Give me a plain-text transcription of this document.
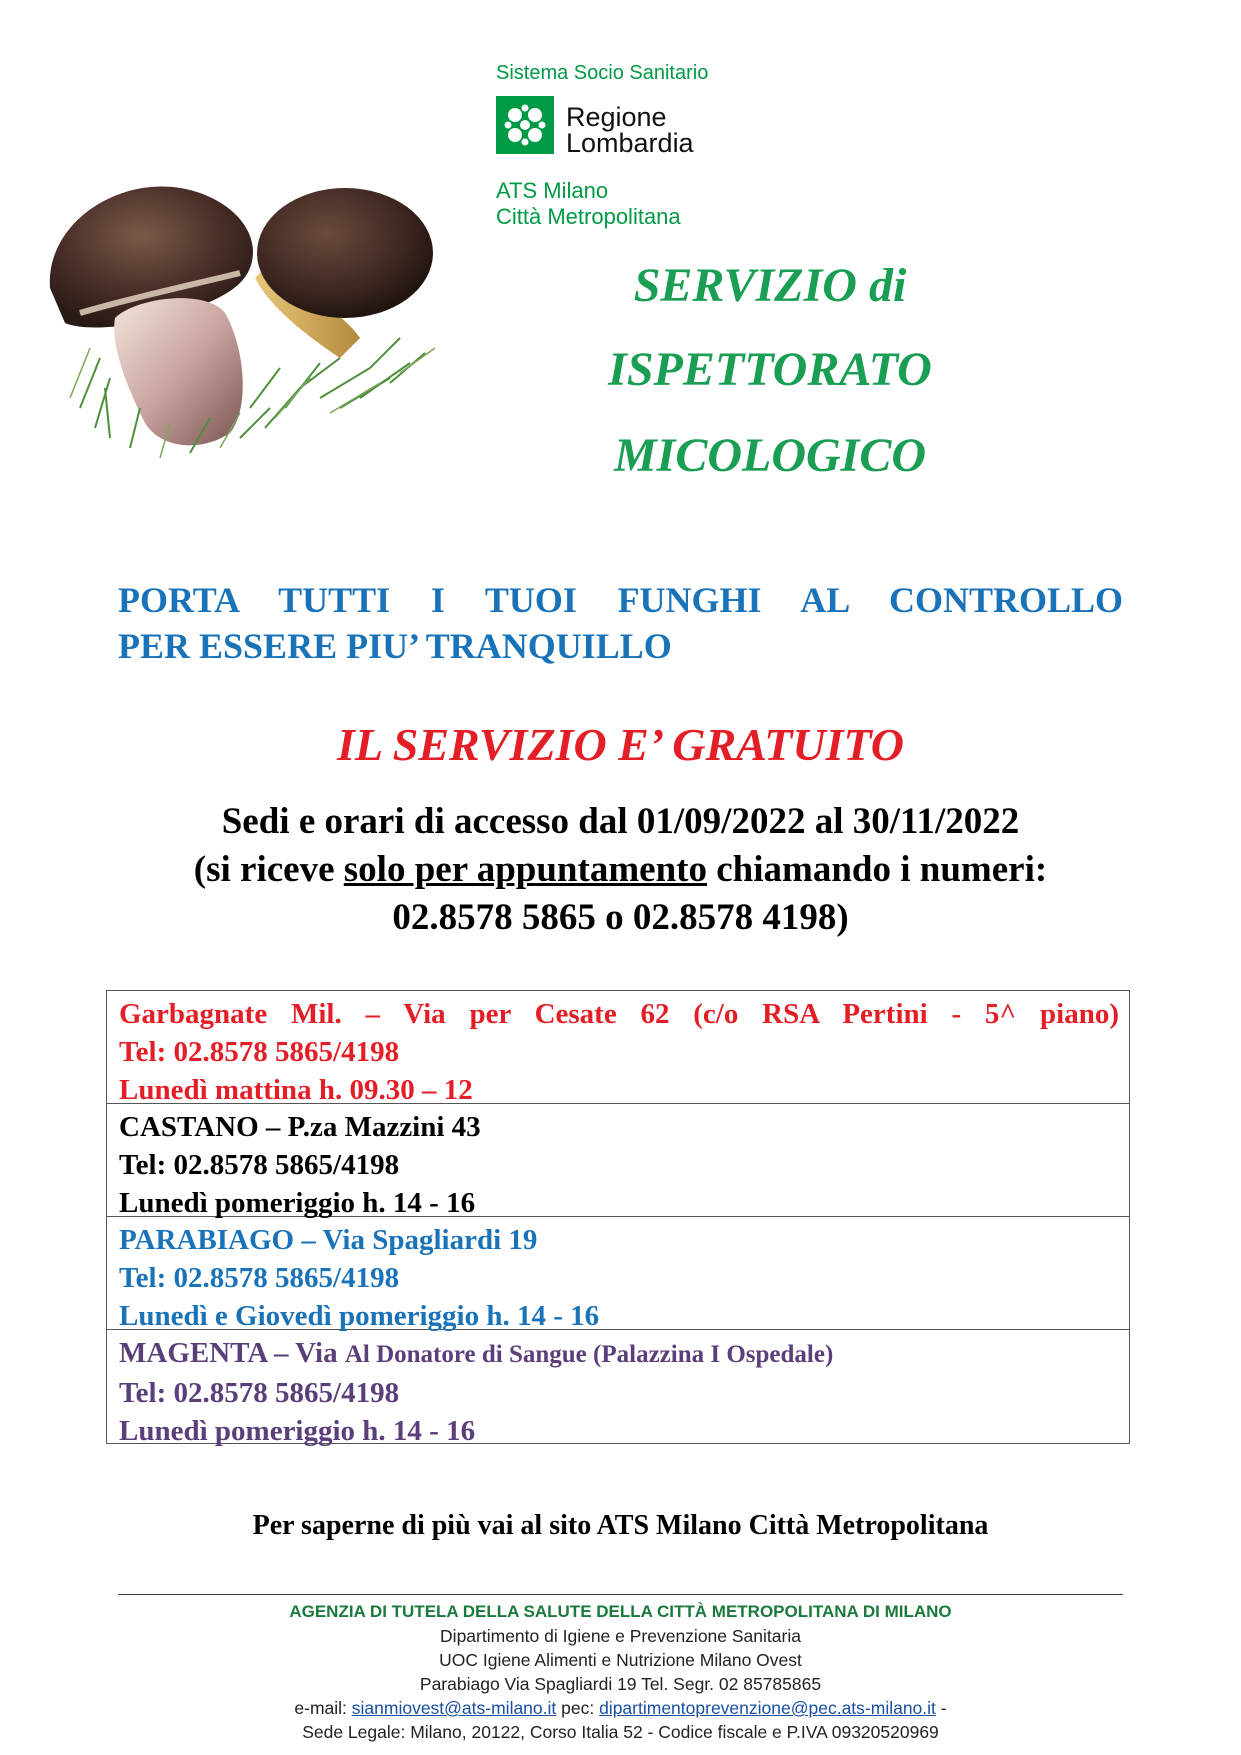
Sistema Socio Sanitario
Regione
Lombardia
ATS Milano
Città Metropolitana
SERVIZIO di
ISPETTORATO
MICOLOGICO
PORTA TUTTI I TUOI FUNGHI AL CONTROLLO
PER ESSERE PIU’ TRANQUILLO
IL SERVIZIO E’ GRATUITO
Sedi e orari di accesso dal 01/09/2022 al 30/11/2022
(si riceve solo per appuntamento chiamando i numeri:
02.8578 5865 o 02.8578 4198)
Garbagnate Mil. – Via per Cesate 62 (c/o RSA Pertini - 5^ piano)
Tel: 02.8578 5865/4198
Lunedì mattina h. 09.30 – 12
CASTANO – P.za Mazzini 43
Tel: 02.8578 5865/4198
Lunedì pomeriggio h. 14 - 16
PARABIAGO – Via Spagliardi 19
Tel: 02.8578 5865/4198
Lunedì e Giovedì pomeriggio h. 14 - 16
MAGENTA – Via Al Donatore di Sangue (Palazzina I Ospedale)
Tel: 02.8578 5865/4198
Lunedì pomeriggio h. 14 - 16
Per saperne di più vai al sito ATS Milano Città Metropolitana
AGENZIA DI TUTELA DELLA SALUTE DELLA CITTÀ METROPOLITANA DI MILANO
Dipartimento di Igiene e Prevenzione Sanitaria
UOC Igiene Alimenti e Nutrizione Milano Ovest
Parabiago Via Spagliardi 19 Tel. Segr. 02 85785865
e-mail: sianmiovest@ats-milano.it pec: dipartimentoprevenzione@pec.ats-milano.it -
Sede Legale: Milano, 20122, Corso Italia 52 - Codice fiscale e P.IVA 09320520969
